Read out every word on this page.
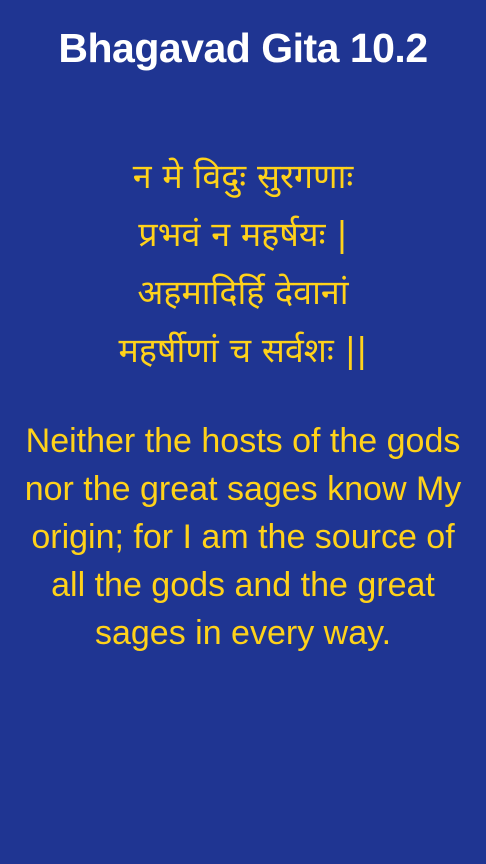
Bhagavad Gita 10.2
न मे विदुः सुरगणाः
प्रभवं न महर्षयः |
अहमादिर्हि देवानां
महर्षीणां च सर्वशः ||
Neither the hosts of the gods nor the great sages know My origin; for I am the source of all the gods and the great sages in every way.
